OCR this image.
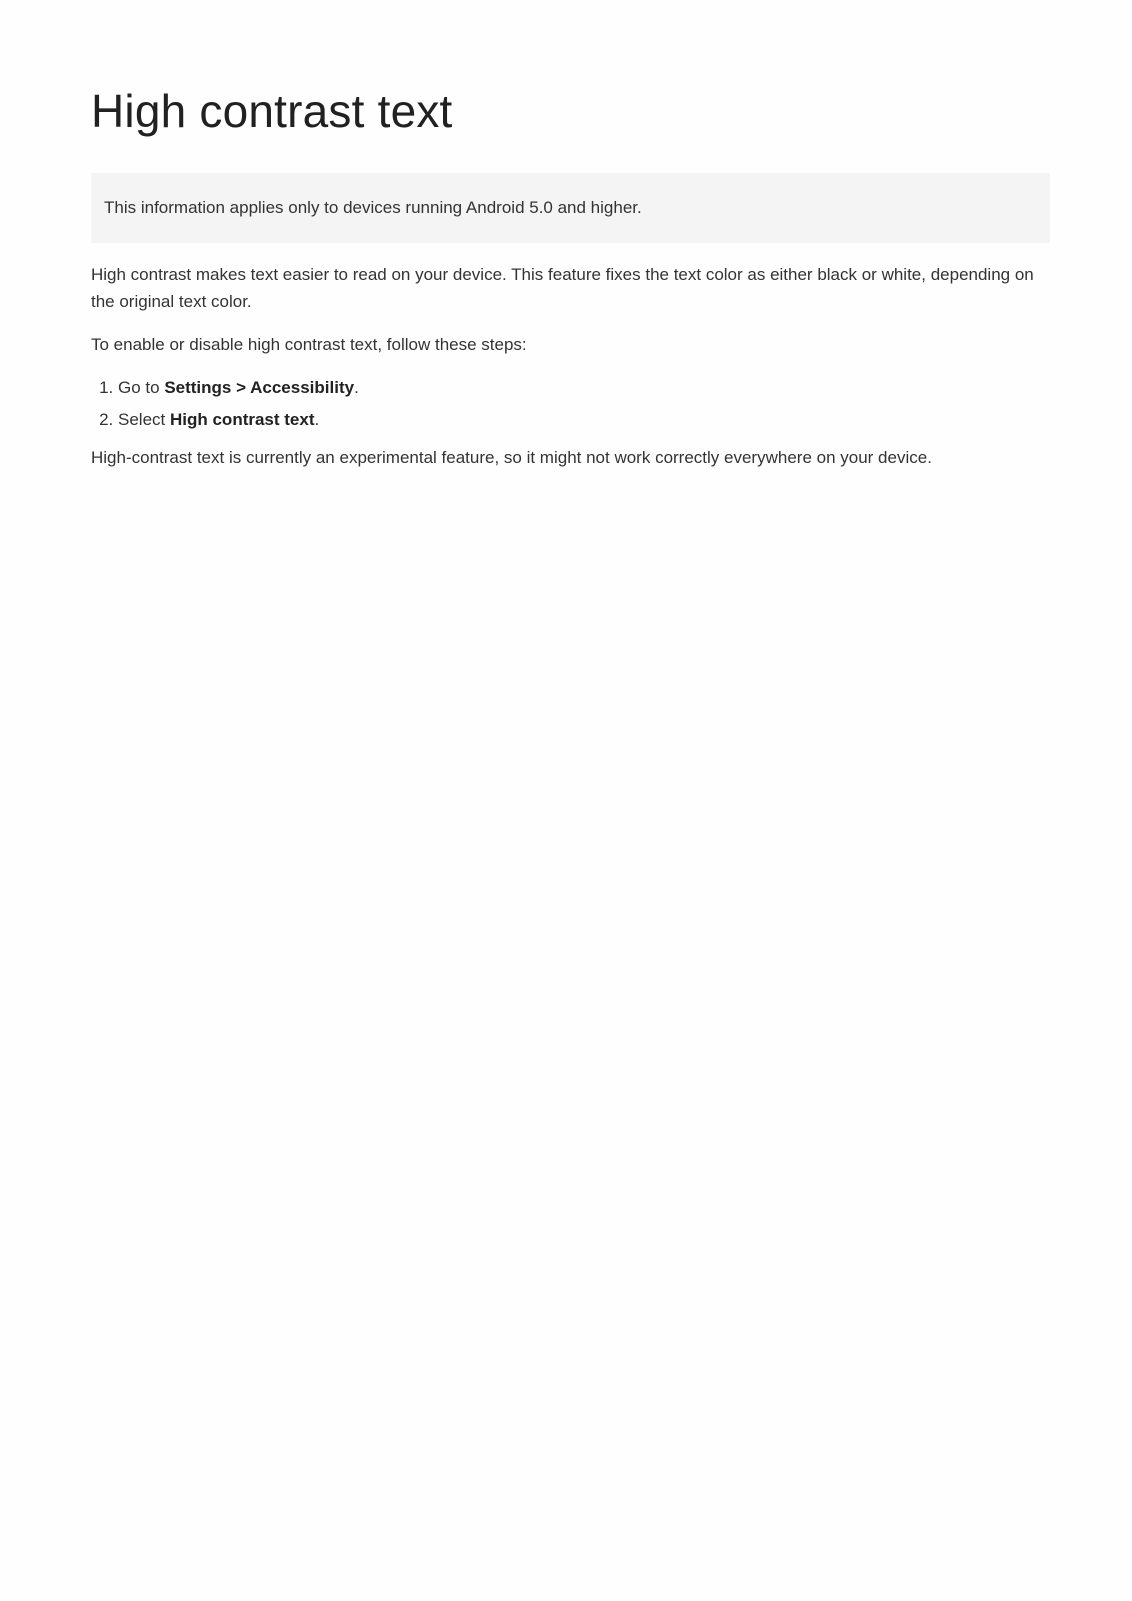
High contrast text
This information applies only to devices running Android 5.0 and higher.

High contrast makes text easier to read on your device. This feature fixes the text color as either black or white, depending on the original text color.

To enable or disable high contrast text, follow these steps:

1. Go to Settings > Accessibility.
2. Select High contrast text.

High-contrast text is currently an experimental feature, so it might not work correctly everywhere on your device.
